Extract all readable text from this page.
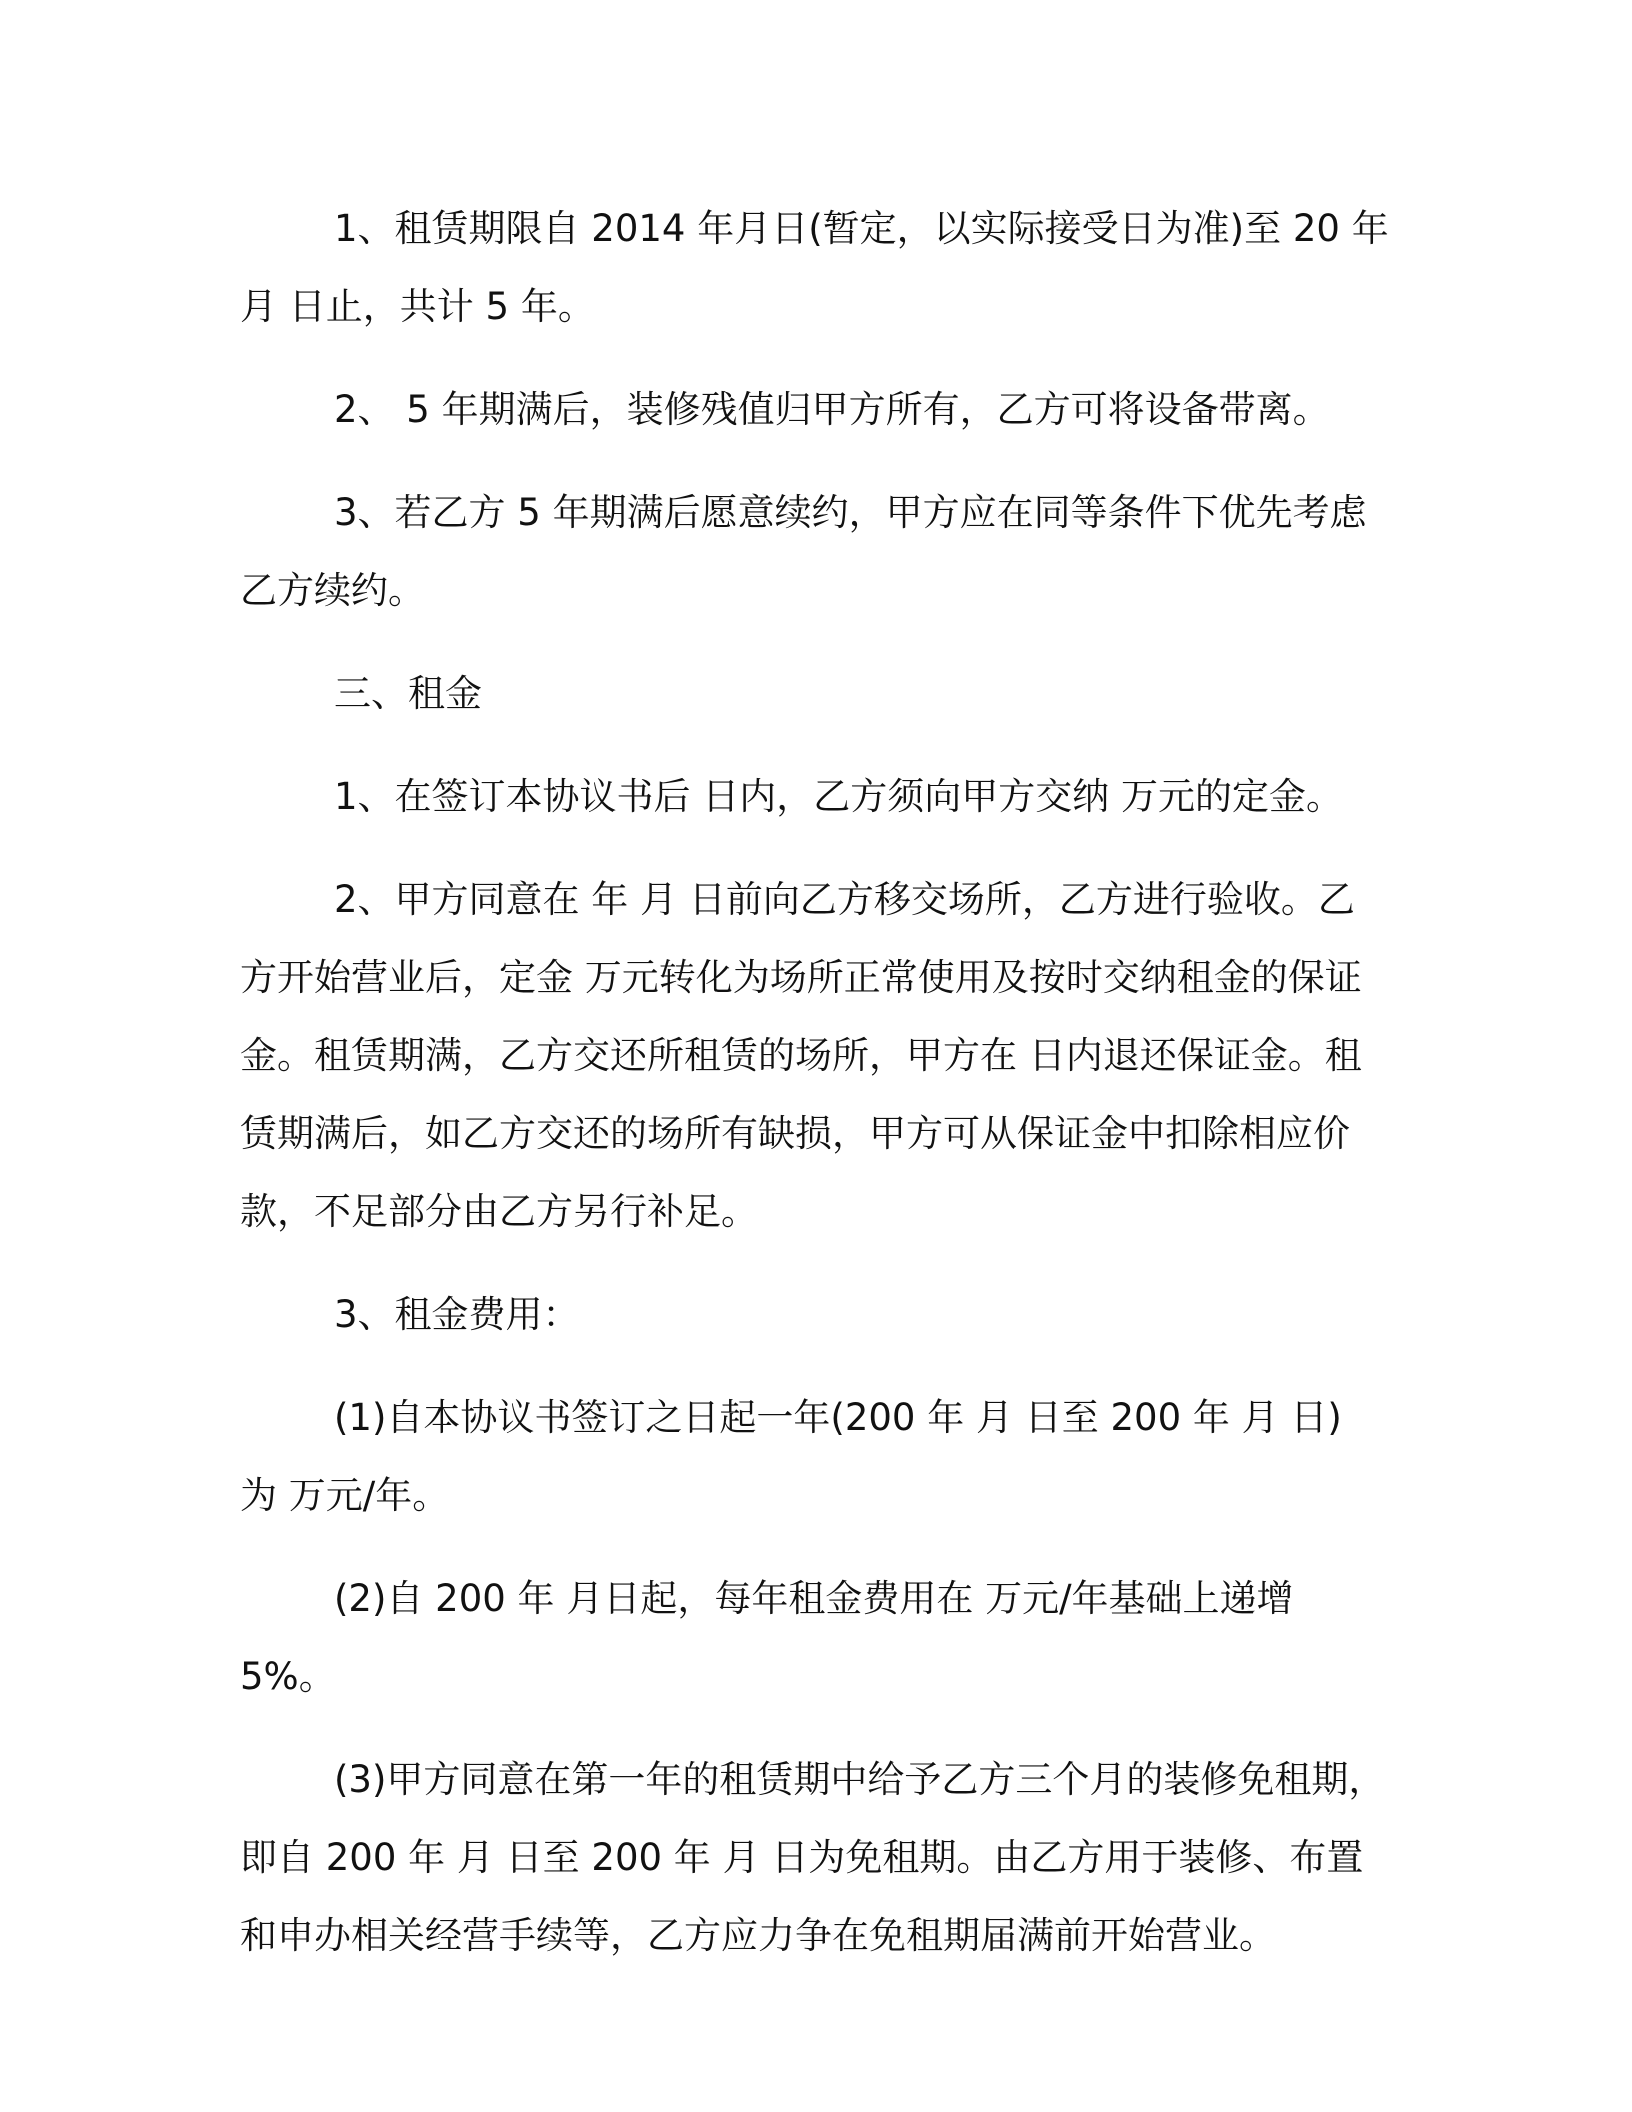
1、租赁期限自 2014 年月日(暂定，以实际接受日为准)至 20 年 月 日止，共计 5 年。

2、 5 年期满后，装修残值归甲方所有，乙方可将设备带离。

3、若乙方 5 年期满后愿意续约，甲方应在同等条件下优先考虑乙方续约。

三、租金

1、在签订本协议书后 日内，乙方须向甲方交纳 万元的定金。

2、甲方同意在 年 月 日前向乙方移交场所，乙方进行验收。乙方开始营业后，定金 万元转化为场所正常使用及按时交纳租金的保证金。租赁期满，乙方交还所租赁的场所，甲方在 日内退还保证金。租赁期满后，如乙方交还的场所有缺损，甲方可从保证金中扣除相应价款，不足部分由乙方另行补足。

3、租金费用：

(1)自本协议书签订之日起一年(200 年 月 日至 200 年 月 日) 为 万元/年。

(2)自 200 年 月日起，每年租金费用在 万元/年基础上递增 5%。

(3)甲方同意在第一年的租赁期中给予乙方三个月的装修免租期，即自 200 年 月 日至 200 年 月 日为免租期。由乙方用于装修、布置和申办相关经营手续等，乙方应力争在免租期届满前开始营业。
